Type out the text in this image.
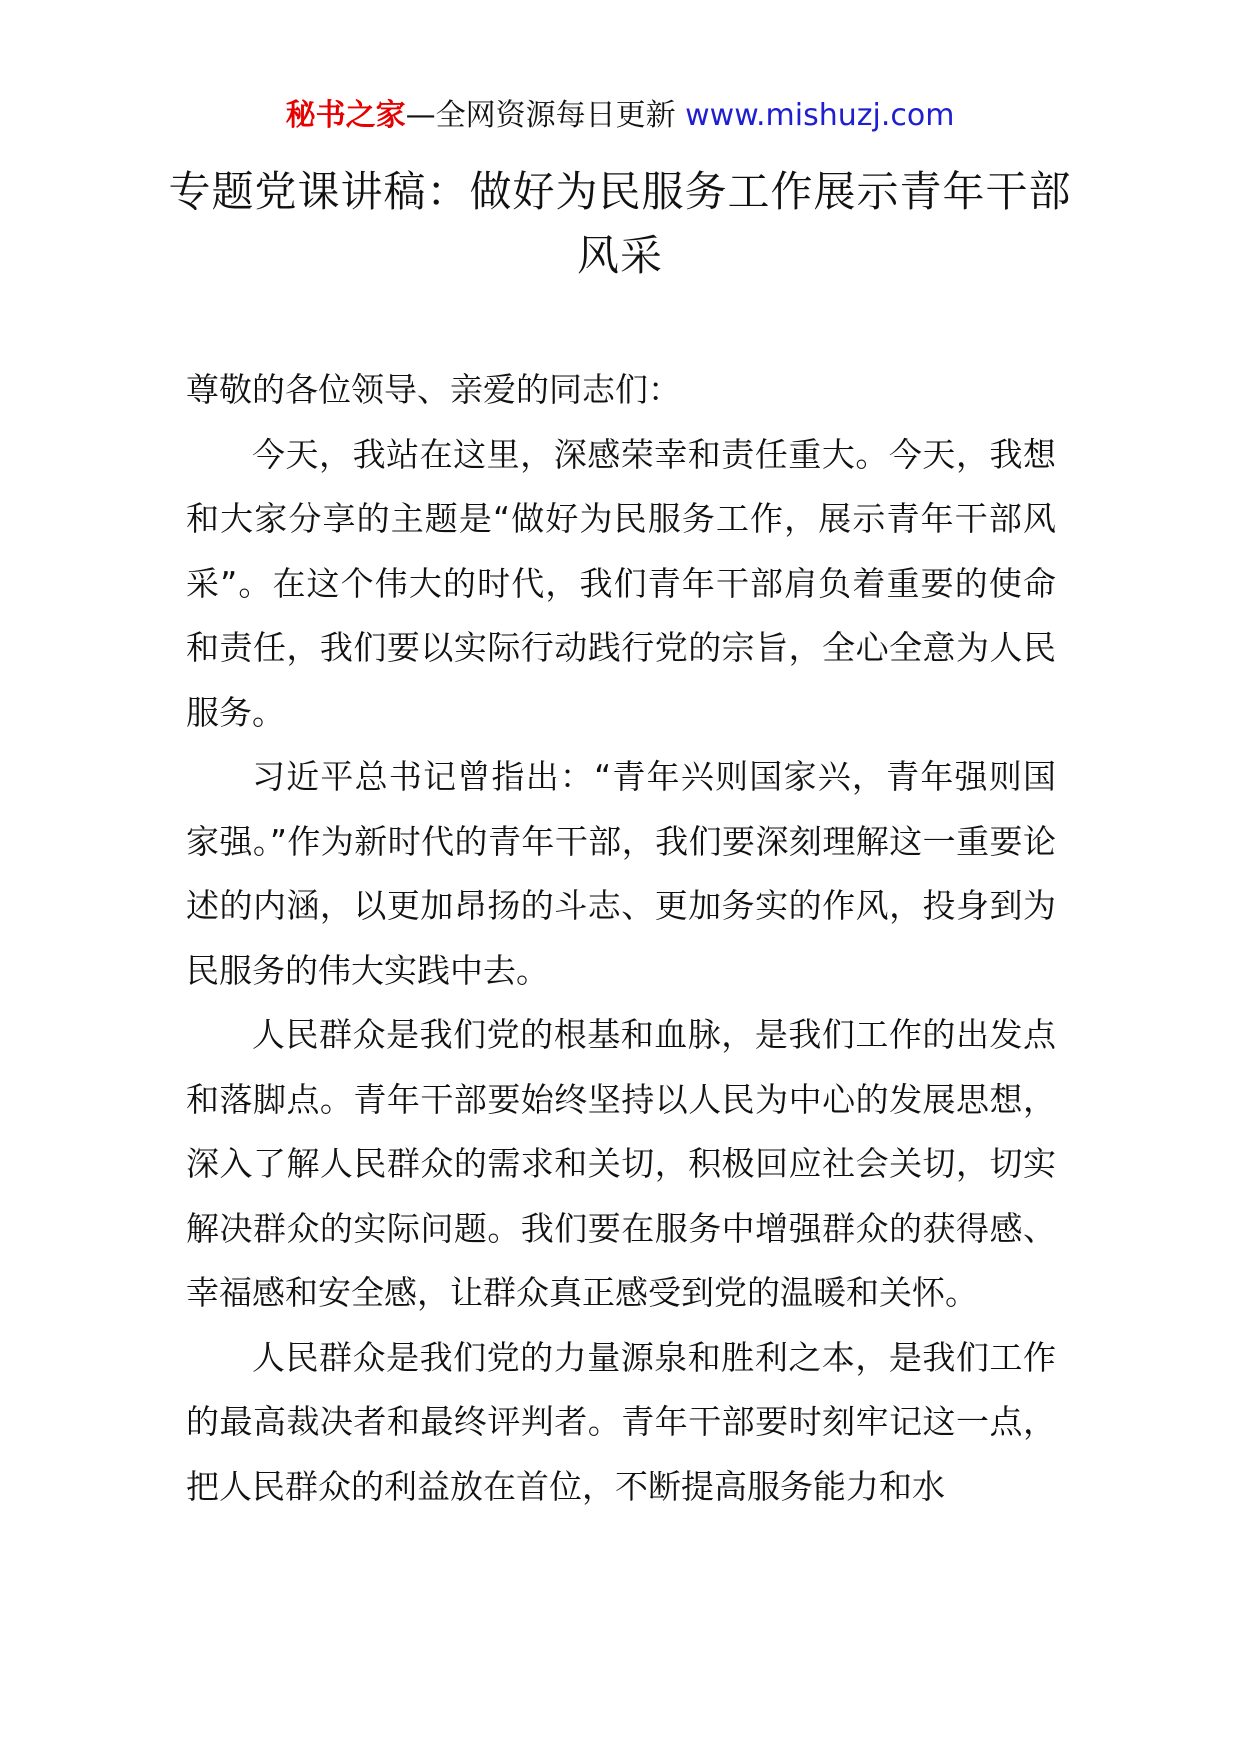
秘书之家—全网资源每日更新 www.mishuzj.com
专题党课讲稿：做好为民服务工作展示青年干部风采

尊敬的各位领导、亲爱的同志们：

今天，我站在这里，深感荣幸和责任重大。今天，我想和大家分享的主题是“做好为民服务工作，展示青年干部风采”。在这个伟大的时代，我们青年干部肩负着重要的使命和责任，我们要以实际行动践行党的宗旨，全心全意为人民服务。

习近平总书记曾指出：“青年兴则国家兴，青年强则国家强。”作为新时代的青年干部，我们要深刻理解这一重要论述的内涵，以更加昂扬的斗志、更加务实的作风，投身到为民服务的伟大实践中去。

人民群众是我们党的根基和血脉，是我们工作的出发点和落脚点。青年干部要始终坚持以人民为中心的发展思想，深入了解人民群众的需求和关切，积极回应社会关切，切实解决群众的实际问题。我们要在服务中增强群众的获得感、幸福感和安全感，让群众真正感受到党的温暖和关怀。

人民群众是我们党的力量源泉和胜利之本，是我们工作的最高裁决者和最终评判者。青年干部要时刻牢记这一点，把人民群众的利益放在首位，不断提高服务能力和水
